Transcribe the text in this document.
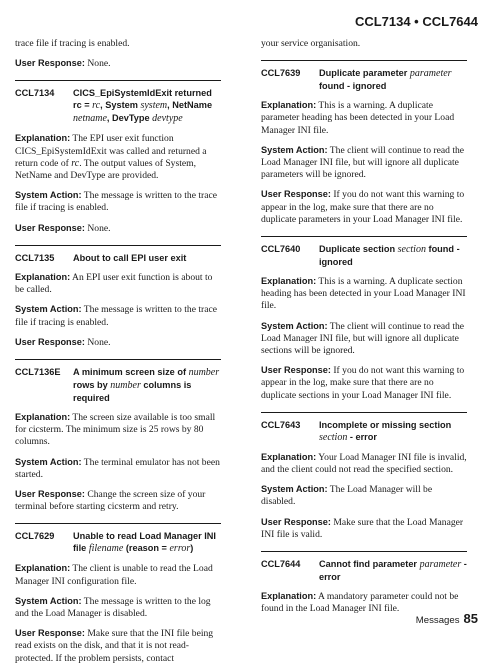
CCL7134 • CCL7644

trace file if tracing is enabled.

User Response: None.

CCL7134	CICS_EpiSystemIdExit returned rc = rc, System system, NetName netname, DevType devtype

Explanation: The EPI user exit function CICS_EpiSystemIdExit was called and returned a return code of rc. The output values of System, NetName and DevType are provided.

System Action: The message is written to the trace file if tracing is enabled.

User Response: None.

CCL7135	About to call EPI user exit

Explanation: An EPI user exit function is about to be called.

System Action: The message is written to the trace file if tracing is enabled.

User Response: None.

CCL7136E	A minimum screen size of number rows by number columns is required

Explanation: The screen size available is too small for cicsterm. The minimum size is 25 rows by 80 columns.

System Action: The terminal emulator has not been started.

User Response: Change the screen size of your terminal before starting cicsterm and retry.

CCL7629	Unable to read Load Manager INI file filename (reason = error)

Explanation: The client is unable to read the Load Manager INI configuration file.

System Action: The message is written to the log and the Load Manager is disabled.

User Response: Make sure that the INI file being read exists on the disk, and that it is not read-protected. If the problem persists, contact

your service organisation.

CCL7639	Duplicate parameter parameter found - ignored

Explanation: This is a warning. A duplicate parameter heading has been detected in your Load Manager INI file.

System Action: The client will continue to read the Load Manager INI file, but will ignore all duplicate parameters will be ignored.

User Response: If you do not want this warning to appear in the log, make sure that there are no duplicate parameters in your Load Manager INI file.

CCL7640	Duplicate section section found - ignored

Explanation: This is a warning. A duplicate section heading has been detected in your Load Manager INI file.

System Action: The client will continue to read the Load Manager INI file, but will ignore all duplicate sections will be ignored.

User Response: If you do not want this warning to appear in the log, make sure that there are no duplicate sections in your Load Manager INI file.

CCL7643	Incomplete or missing section section - error

Explanation: Your Load Manager INI file is invalid, and the client could not read the specified section.

System Action: The Load Manager will be disabled.

User Response: Make sure that the Load Manager INI file is valid.

CCL7644	Cannot find parameter parameter - error

Explanation: A mandatory parameter could not be found in the Load Manager INI file.

Messages 85
